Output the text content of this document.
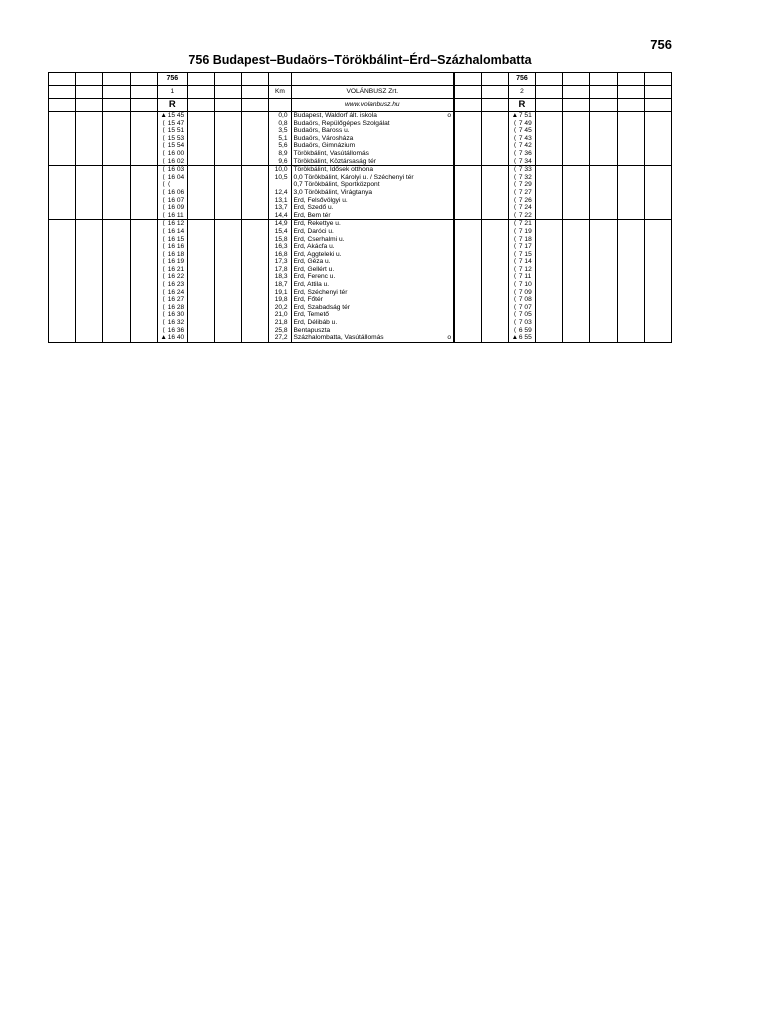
756
756 Budapest–Budaörs–Törökbálint–Érd–Százhalombatta
				756								756					
				1				Km	VOLÁNBUSZ Zrt.			2					
				R					www.volanbusz.hu			R					
				▲15 45				0,0	Budapest, Waldorf ált. iskola o			▲7 51					
				⟨ 15 47				0,8	Budaörs, Repülőgépes Szolgálat			⟨ 7 49					
				⟨ 15 51				3,5	Budaörs, Baross u.			⟨ 7 45					
				⟨ 15 53				5,1	Budaörs, Városháza			⟨ 7 43					
				⟨ 15 54				5,6	Budaörs, Gimnázium			⟨ 7 42					
				⟨ 16 00				8,9	Törökbálint, Vasútállomás			⟨ 7 36					
				⟨ 16 02				9,6	Törökbálint, Köztársaság tér			⟨ 7 34					
				⟨ 16 03				10,0	Törökbálint, Idősek otthona			⟨ 7 33					
				⟨ 16 04				10,5	0,0 Törökbálint, Károlyi u. / Széchenyi tér			⟨ 7 32					
				⟨ ⟨					0,7 Törökbálint, Sportközpont			⟨ 7 29					
				⟨ 16 06				12,4	3,0 Törökbálint, Virágtanya			⟨ 7 27					
				⟨ 16 07				13,1	Érd, Felsővölgyi u.			⟨ 7 26					
				⟨ 16 09				13,7	Érd, Szedő u.			⟨ 7 24					
				⟨ 16 11				14,4	Érd, Bem tér			⟨ 7 22					
				⟨ 16 12				14,9	Érd, Rekettye u.			⟨ 7 21					
				⟨ 16 14				15,4	Érd, Daróci u.			⟨ 7 19					
				⟨ 16 15				15,8	Érd, Cserhalmi u.			⟨ 7 18					
				⟨ 16 16				16,3	Érd, Akácfa u.			⟨ 7 17					
				⟨ 16 18				16,8	Érd, Aggteleki u.			⟨ 7 15					
				⟨ 16 19				17,3	Érd, Géza u.			⟨ 7 14					
				⟨ 16 21				17,8	Érd, Gellért u.			⟨ 7 12					
				⟨ 16 22				18,3	Érd, Ferenc u.			⟨ 7 11					
				⟨ 16 23				18,7	Érd, Attila u.			⟨ 7 10					
				⟨ 16 24				19,1	Érd, Széchenyi tér			⟨ 7 09					
				⟨ 16 27				19,8	Érd, Főtér			⟨ 7 08					
				⟨ 16 28				20,2	Érd, Szabadság tér			⟨ 7 07					
				⟨ 16 30				21,0	Érd, Temető			⟨ 7 05					
				⟨ 16 32				21,8	Érd, Délibáb u.			⟨ 7 03					
				⟨ 16 36				25,8	Bentapuszta			⟨ 6 59					
				▲16 40				27,2	Százhalombatta, Vasútállomás o			▲6 55					
